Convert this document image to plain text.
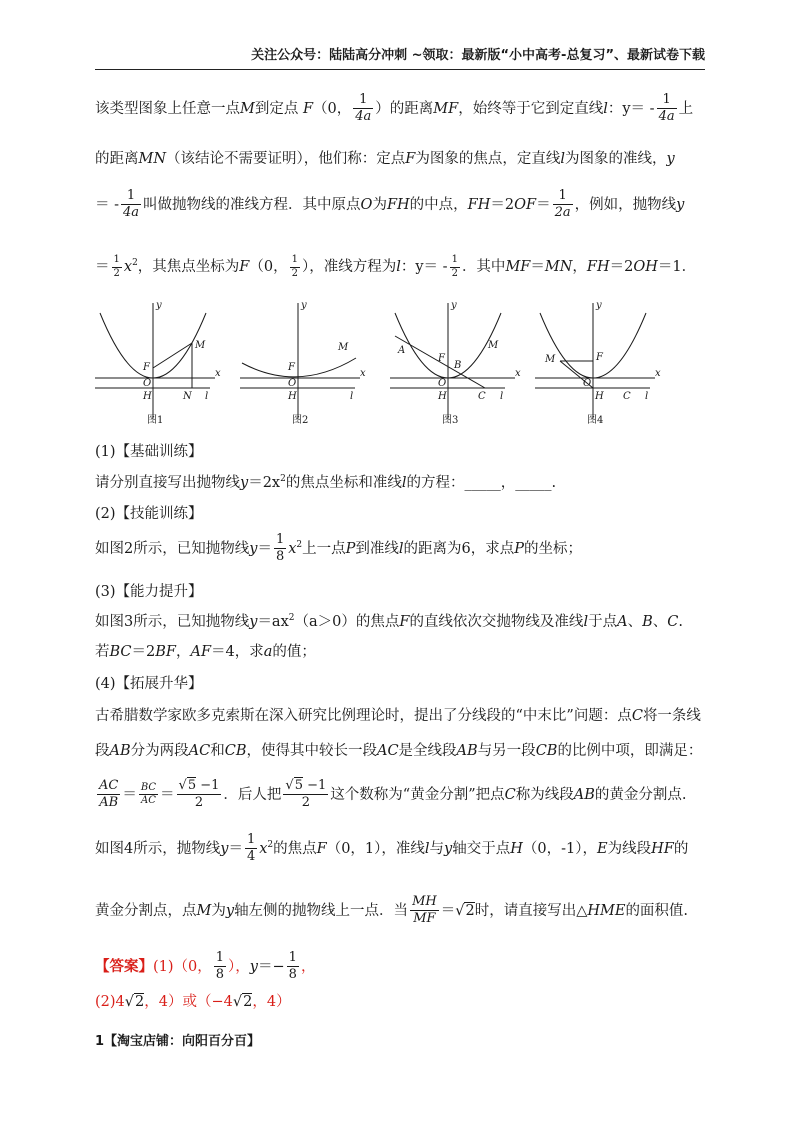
关注公众号：陆陆高分冲刺 ~领取：最新版“小中高考-总复习”、最新试卷下载
该类型图象上任意一点M到定点 F（0， $\frac{1}{4a}$ ）的距离MF，始终等于它到定直线l：$y= - \frac{1}{4a}$ 上
的距离MN（该结论不需要证明），他们称：定点F为图象的焦点，定直线l为图象的准线，y
＝ - $\frac{1}{4a}$ 叫做抛物线的准线方程．其中原点O为FH的中点，$FH=2OF= \frac{1}{2a}$ ，例如，抛物线y
＝ $\frac{1}{2} x^2$，其焦点坐标为F（0， $\frac{1}{2}$ ），准线方程为l：$y= - \frac{1}{2}$ ．其中MF＝MN，FH＝2OH＝1．
x
y
F
M
O
H	N l
图1
x
y
F
M
O
H	l
图2
x
y
A
F
B
M
O
H	C l
图3
x
y
M	F
O
H C l
图4
(1)【基础训练】
请分别直接写出抛物线$y=2x^2$的焦点坐标和准线l的方程：_____，_____.
(2)【技能训练】
如图2所示，已知抛物线$y= \frac{1}{8} x^2$上一点P到准线l的距离为6，求点P的坐标；
(3)【能力提升】
如图3所示，已知抛物线$y=ax^2(a>0)$的焦点F的直线依次交抛物线及准线l于点A、B、C.
若BC＝2BF，AF＝4，求a的值；
(4)【拓展升华】
古希腊数学家欧多克索斯在深入研究比例理论时，提出了分线段的“中末比”问题：点C将一条线
段AB分为两段AC和CB，使得其中较长一段AC是全线段AB与另一段CB的比例中项，即满足：
$\frac{AC}{AB} = \frac{BC}{AC} = \frac{√5 -1}{2}$ ．后人把 $\frac{√5 -1}{2}$ 这个数称为“黄金分割”把点C称为线段AB的黄金分割点.
如图4所示，抛物线$y= \frac{1}{4} x^2$的焦点F（0，1），准线l与y轴交于点H（0，-1），E为线段HF的
黄金分割点，点M为y轴左侧的抛物线上一点．当 $\frac{MH}{MF} =√2$时，请直接写出△HME的面积值.
【答案】(1)（0， $\frac{1}{8}$ ），$y=- \frac{1}{8}$ ，
(2)4√2，4）或（−4√2，4）
1【淘宝店铺：向阳百分百】
